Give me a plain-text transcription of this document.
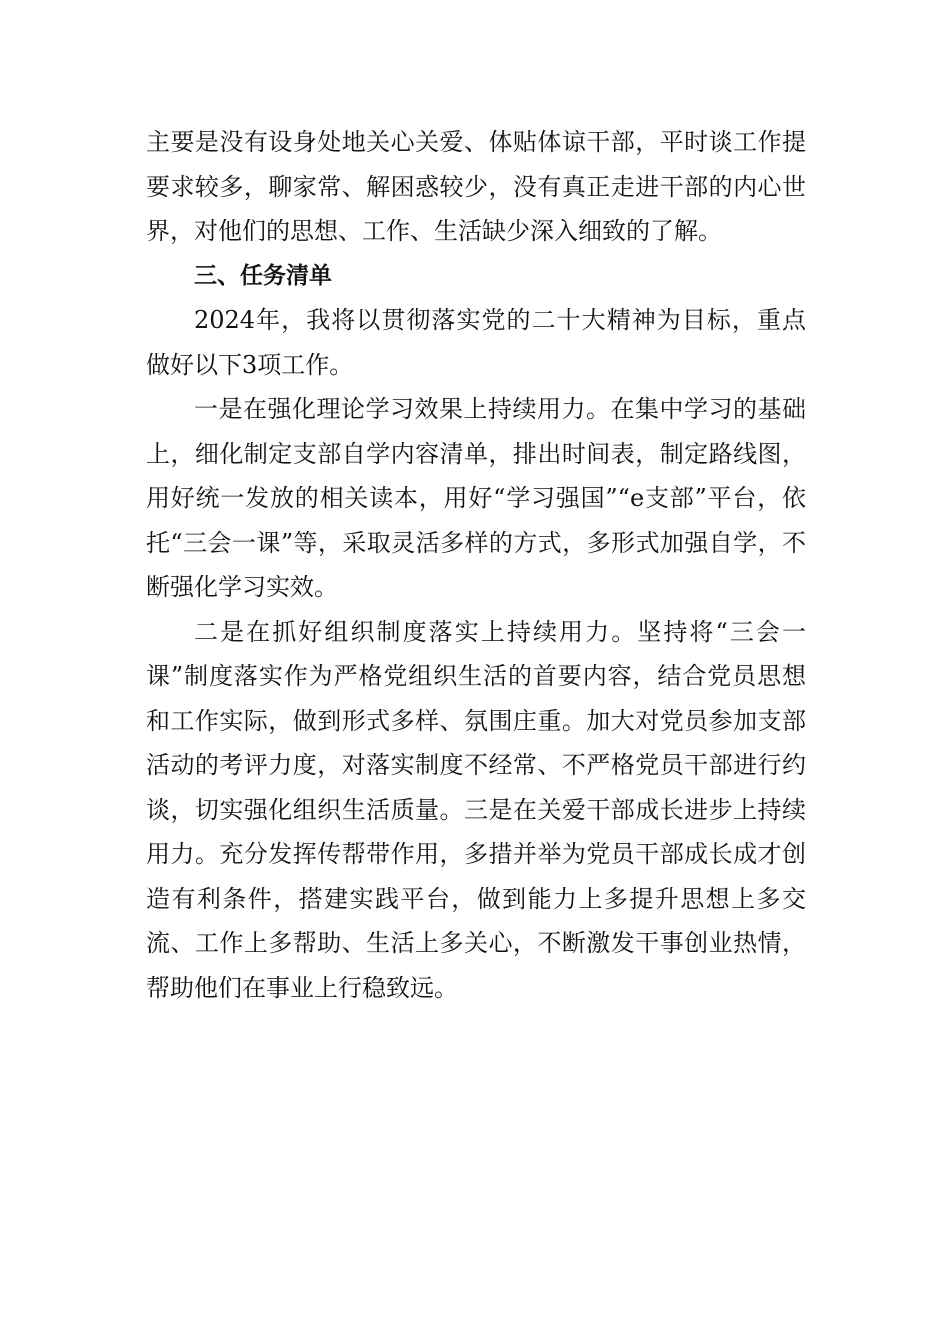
主要是没有设身处地关心关爱、体贴体谅干部，平时谈工作提要求较多，聊家常、解困惑较少，没有真正走进干部的内心世界，对他们的思想、工作、生活缺少深入细致的了解。

三、任务清单

2024年，我将以贯彻落实党的二十大精神为目标，重点做好以下3项工作。

一是在强化理论学习效果上持续用力。在集中学习的基础上，细化制定支部自学内容清单，排出时间表，制定路线图，用好统一发放的相关读本，用好“学习强国”“e支部”平台，依托“三会一课”等，采取灵活多样的方式，多形式加强自学，不断强化学习实效。

二是在抓好组织制度落实上持续用力。坚持将“三会一课”制度落实作为严格党组织生活的首要内容，结合党员思想和工作实际，做到形式多样、氛围庄重。加大对党员参加支部活动的考评力度，对落实制度不经常、不严格党员干部进行约谈，切实强化组织生活质量。三是在关爱干部成长进步上持续用力。充分发挥传帮带作用，多措并举为党员干部成长成才创造有利条件，搭建实践平台，做到能力上多提升思想上多交流、工作上多帮助、生活上多关心，不断激发干事创业热情，帮助他们在事业上行稳致远。
